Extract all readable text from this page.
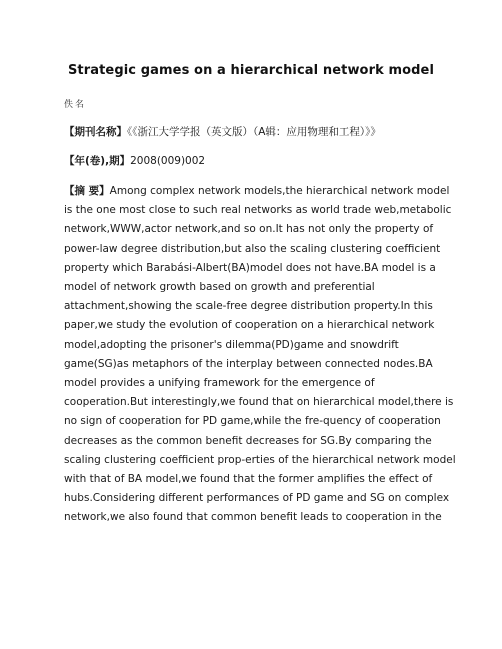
Strategic games on a hierarchical network model
佚名
【期刊名称】《《浙江大学学报（英文版）（A辑：应用物理和工程）》》
【年(卷),期】2008(009)002
【摘 要】Among complex network models,the hierarchical network model
is the one most close to such real networks as world trade web,metabolic
network,WWW,actor network,and so on.It has not only the property of
power-law degree distribution,but also the scaling clustering coefficient
property which Barabási-Albert(BA)model does not have.BA model is a
model of network growth based on growth and preferential
attachment,showing the scale-free degree distribution property.In this
paper,we study the evolution of cooperation on a hierarchical network
model,adopting the prisoner's dilemma(PD)game and snowdrift
game(SG)as metaphors of the interplay between connected nodes.BA
model provides a unifying framework for the emergence of
cooperation.But interestingly,we found that on hierarchical model,there is
no sign of cooperation for PD game,while the fre-quency of cooperation
decreases as the common benefit decreases for SG.By comparing the
scaling clustering coefficient prop-erties of the hierarchical network model
with that of BA model,we found that the former amplifies the effect of
hubs.Considering different performances of PD game and SG on complex
network,we also found that common benefit leads to cooperation in the
